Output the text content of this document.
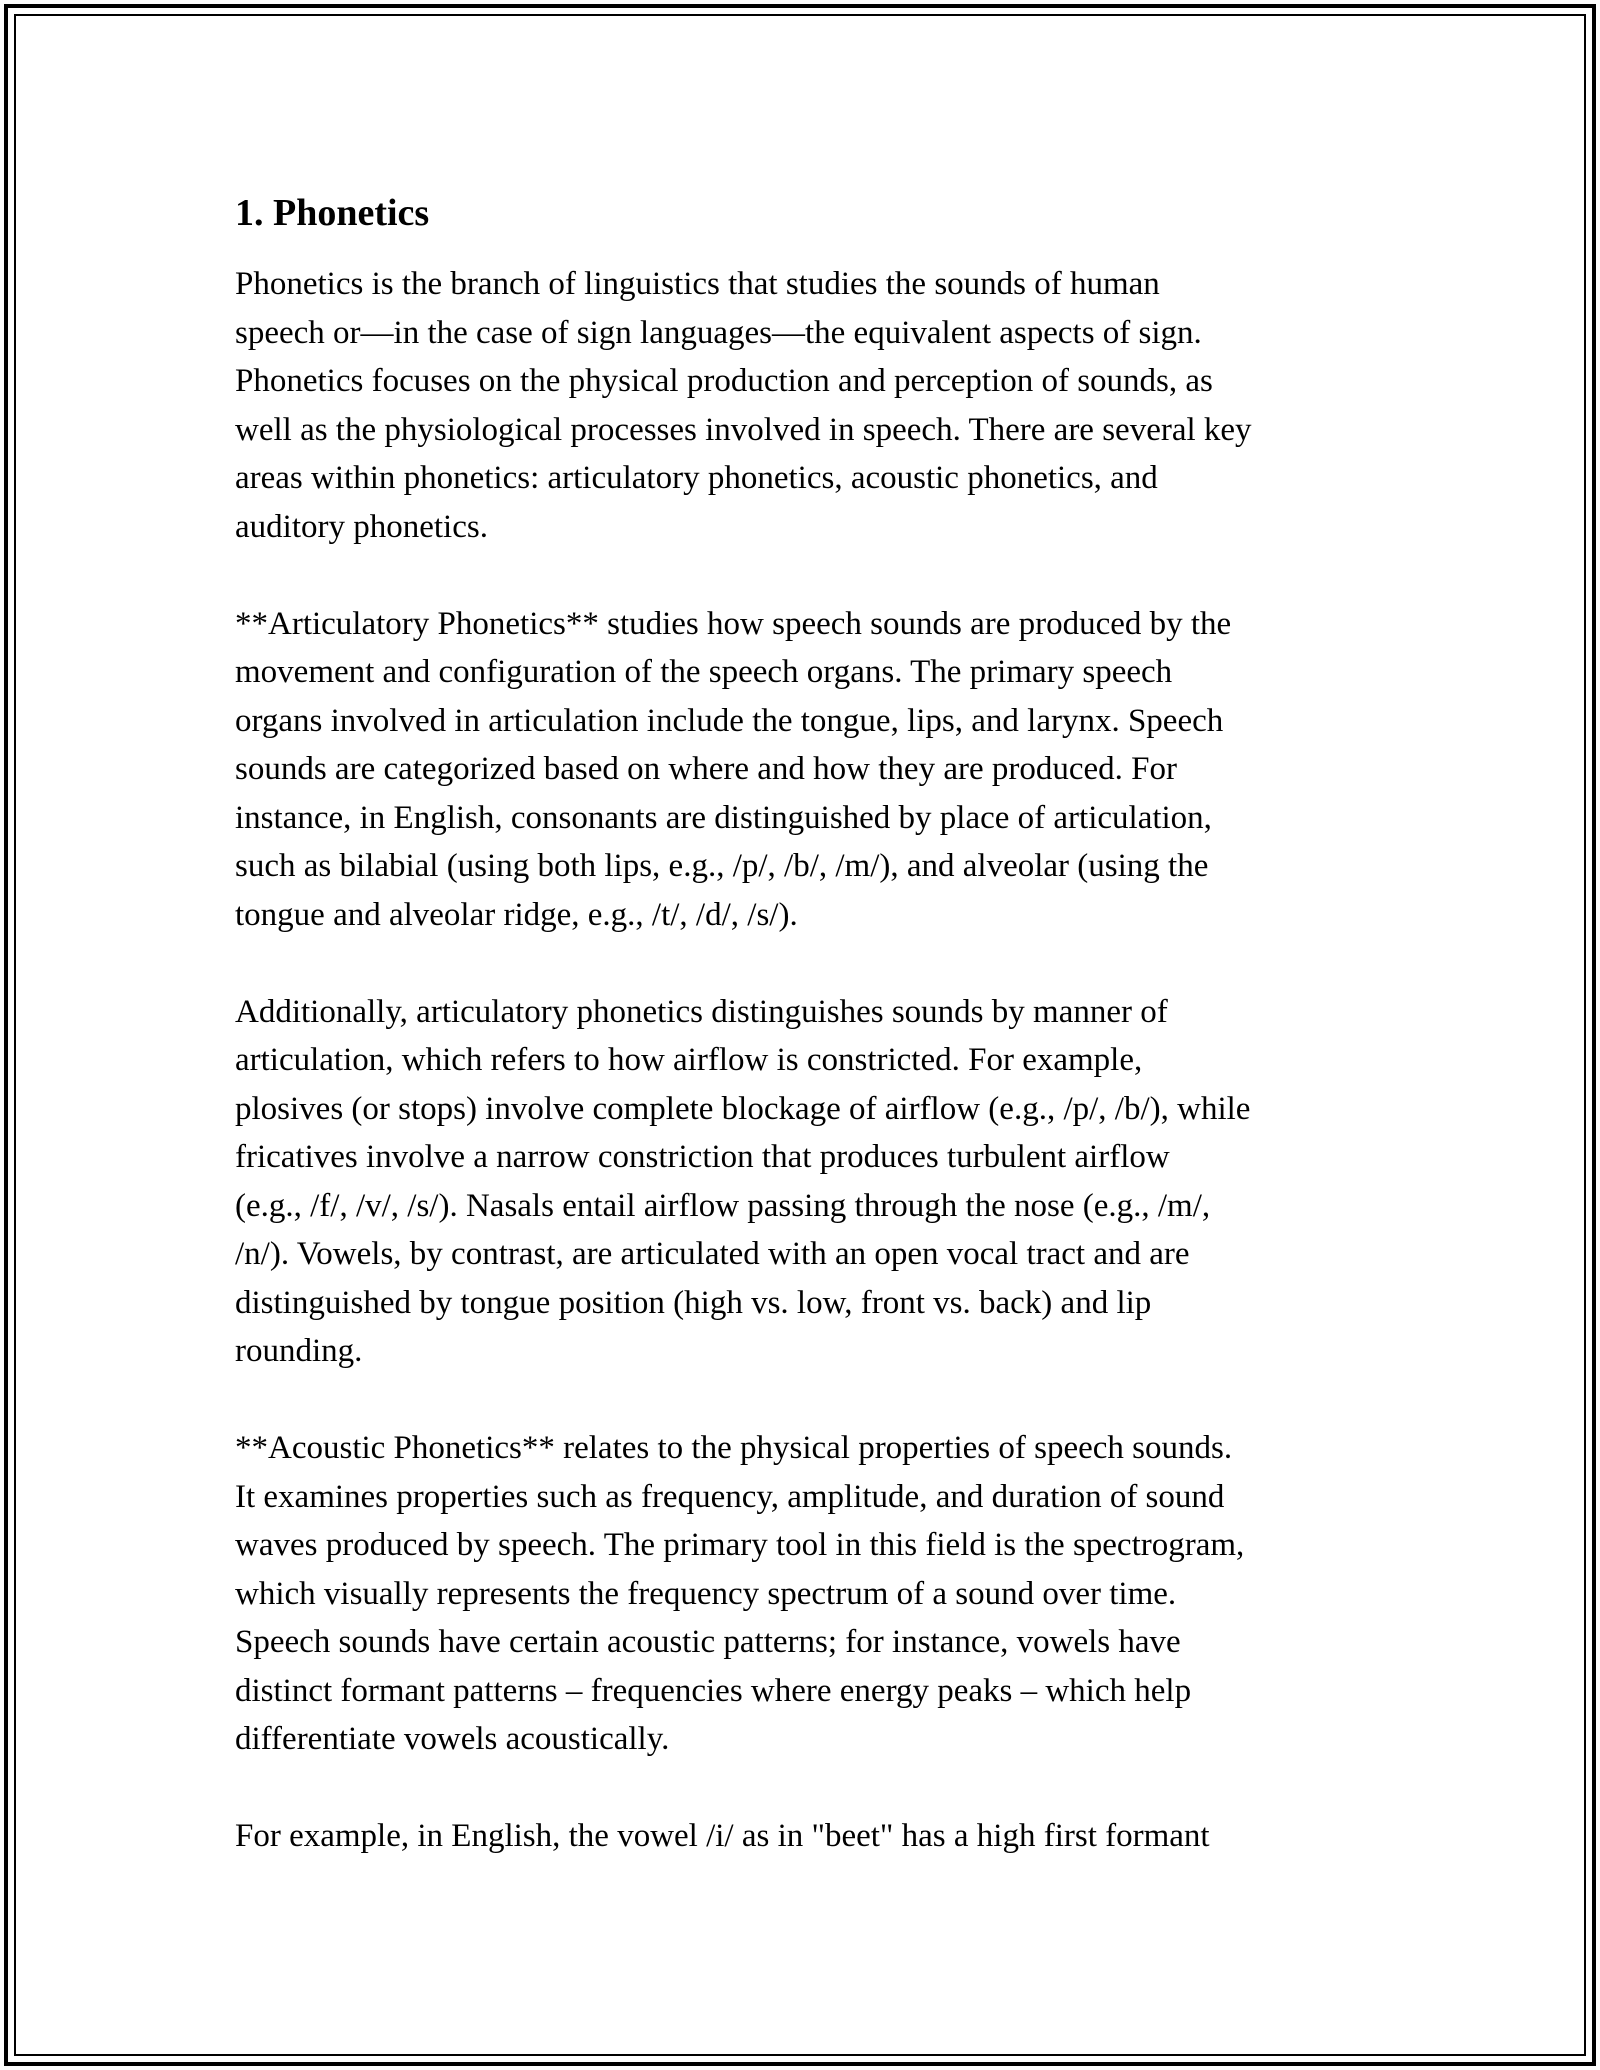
1. Phonetics

Phonetics is the branch of linguistics that studies the sounds of human
speech or—in the case of sign languages—the equivalent aspects of sign.
Phonetics focuses on the physical production and perception of sounds, as
well as the physiological processes involved in speech. There are several key
areas within phonetics: articulatory phonetics, acoustic phonetics, and
auditory phonetics.

**Articulatory Phonetics** studies how speech sounds are produced by the
movement and configuration of the speech organs. The primary speech
organs involved in articulation include the tongue, lips, and larynx. Speech
sounds are categorized based on where and how they are produced. For
instance, in English, consonants are distinguished by place of articulation,
such as bilabial (using both lips, e.g., /p/, /b/, /m/), and alveolar (using the
tongue and alveolar ridge, e.g., /t/, /d/, /s/).

Additionally, articulatory phonetics distinguishes sounds by manner of
articulation, which refers to how airflow is constricted. For example,
plosives (or stops) involve complete blockage of airflow (e.g., /p/, /b/), while
fricatives involve a narrow constriction that produces turbulent airflow
(e.g., /f/, /v/, /s/). Nasals entail airflow passing through the nose (e.g., /m/,
/n/). Vowels, by contrast, are articulated with an open vocal tract and are
distinguished by tongue position (high vs. low, front vs. back) and lip
rounding.

**Acoustic Phonetics** relates to the physical properties of speech sounds.
It examines properties such as frequency, amplitude, and duration of sound
waves produced by speech. The primary tool in this field is the spectrogram,
which visually represents the frequency spectrum of a sound over time.
Speech sounds have certain acoustic patterns; for instance, vowels have
distinct formant patterns – frequencies where energy peaks – which help
differentiate vowels acoustically.

For example, in English, the vowel /i/ as in "beet" has a high first formant
